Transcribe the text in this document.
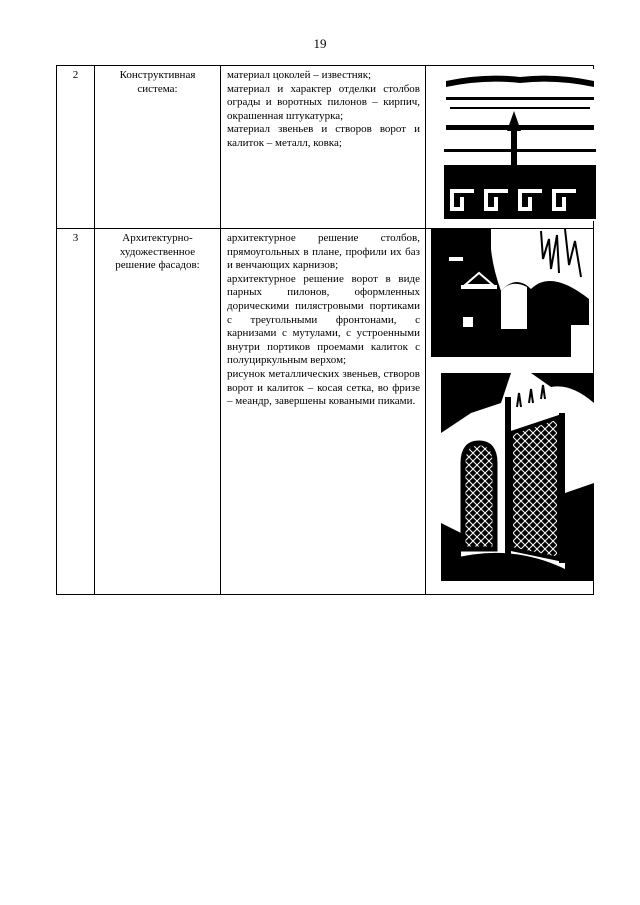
19
2	Конструктивная система:	материал цоколей – известняк;

материал и характер отделки столбов ограды и воротных пилонов – кирпич, окрашенная штукатурка;

материал звеньев и створов ворот и калиток – металл, ковка;

3	Архитектурно-художественное решение фасадов:	архитектурное решение столбов, прямоугольных в плане, профили их баз и венчающих карнизов;

архитектурное решение ворот в виде парных пилонов, оформленных дорическими пилястровыми портиками с треугольными фронтонами, с карнизами с мутулами, с устроенными внутри портиков проемами калиток с полуциркульным верхом;

рисунок металлических звеньев, створов ворот и калиток – косая сетка, во фризе – меандр, завершены коваными пиками.
